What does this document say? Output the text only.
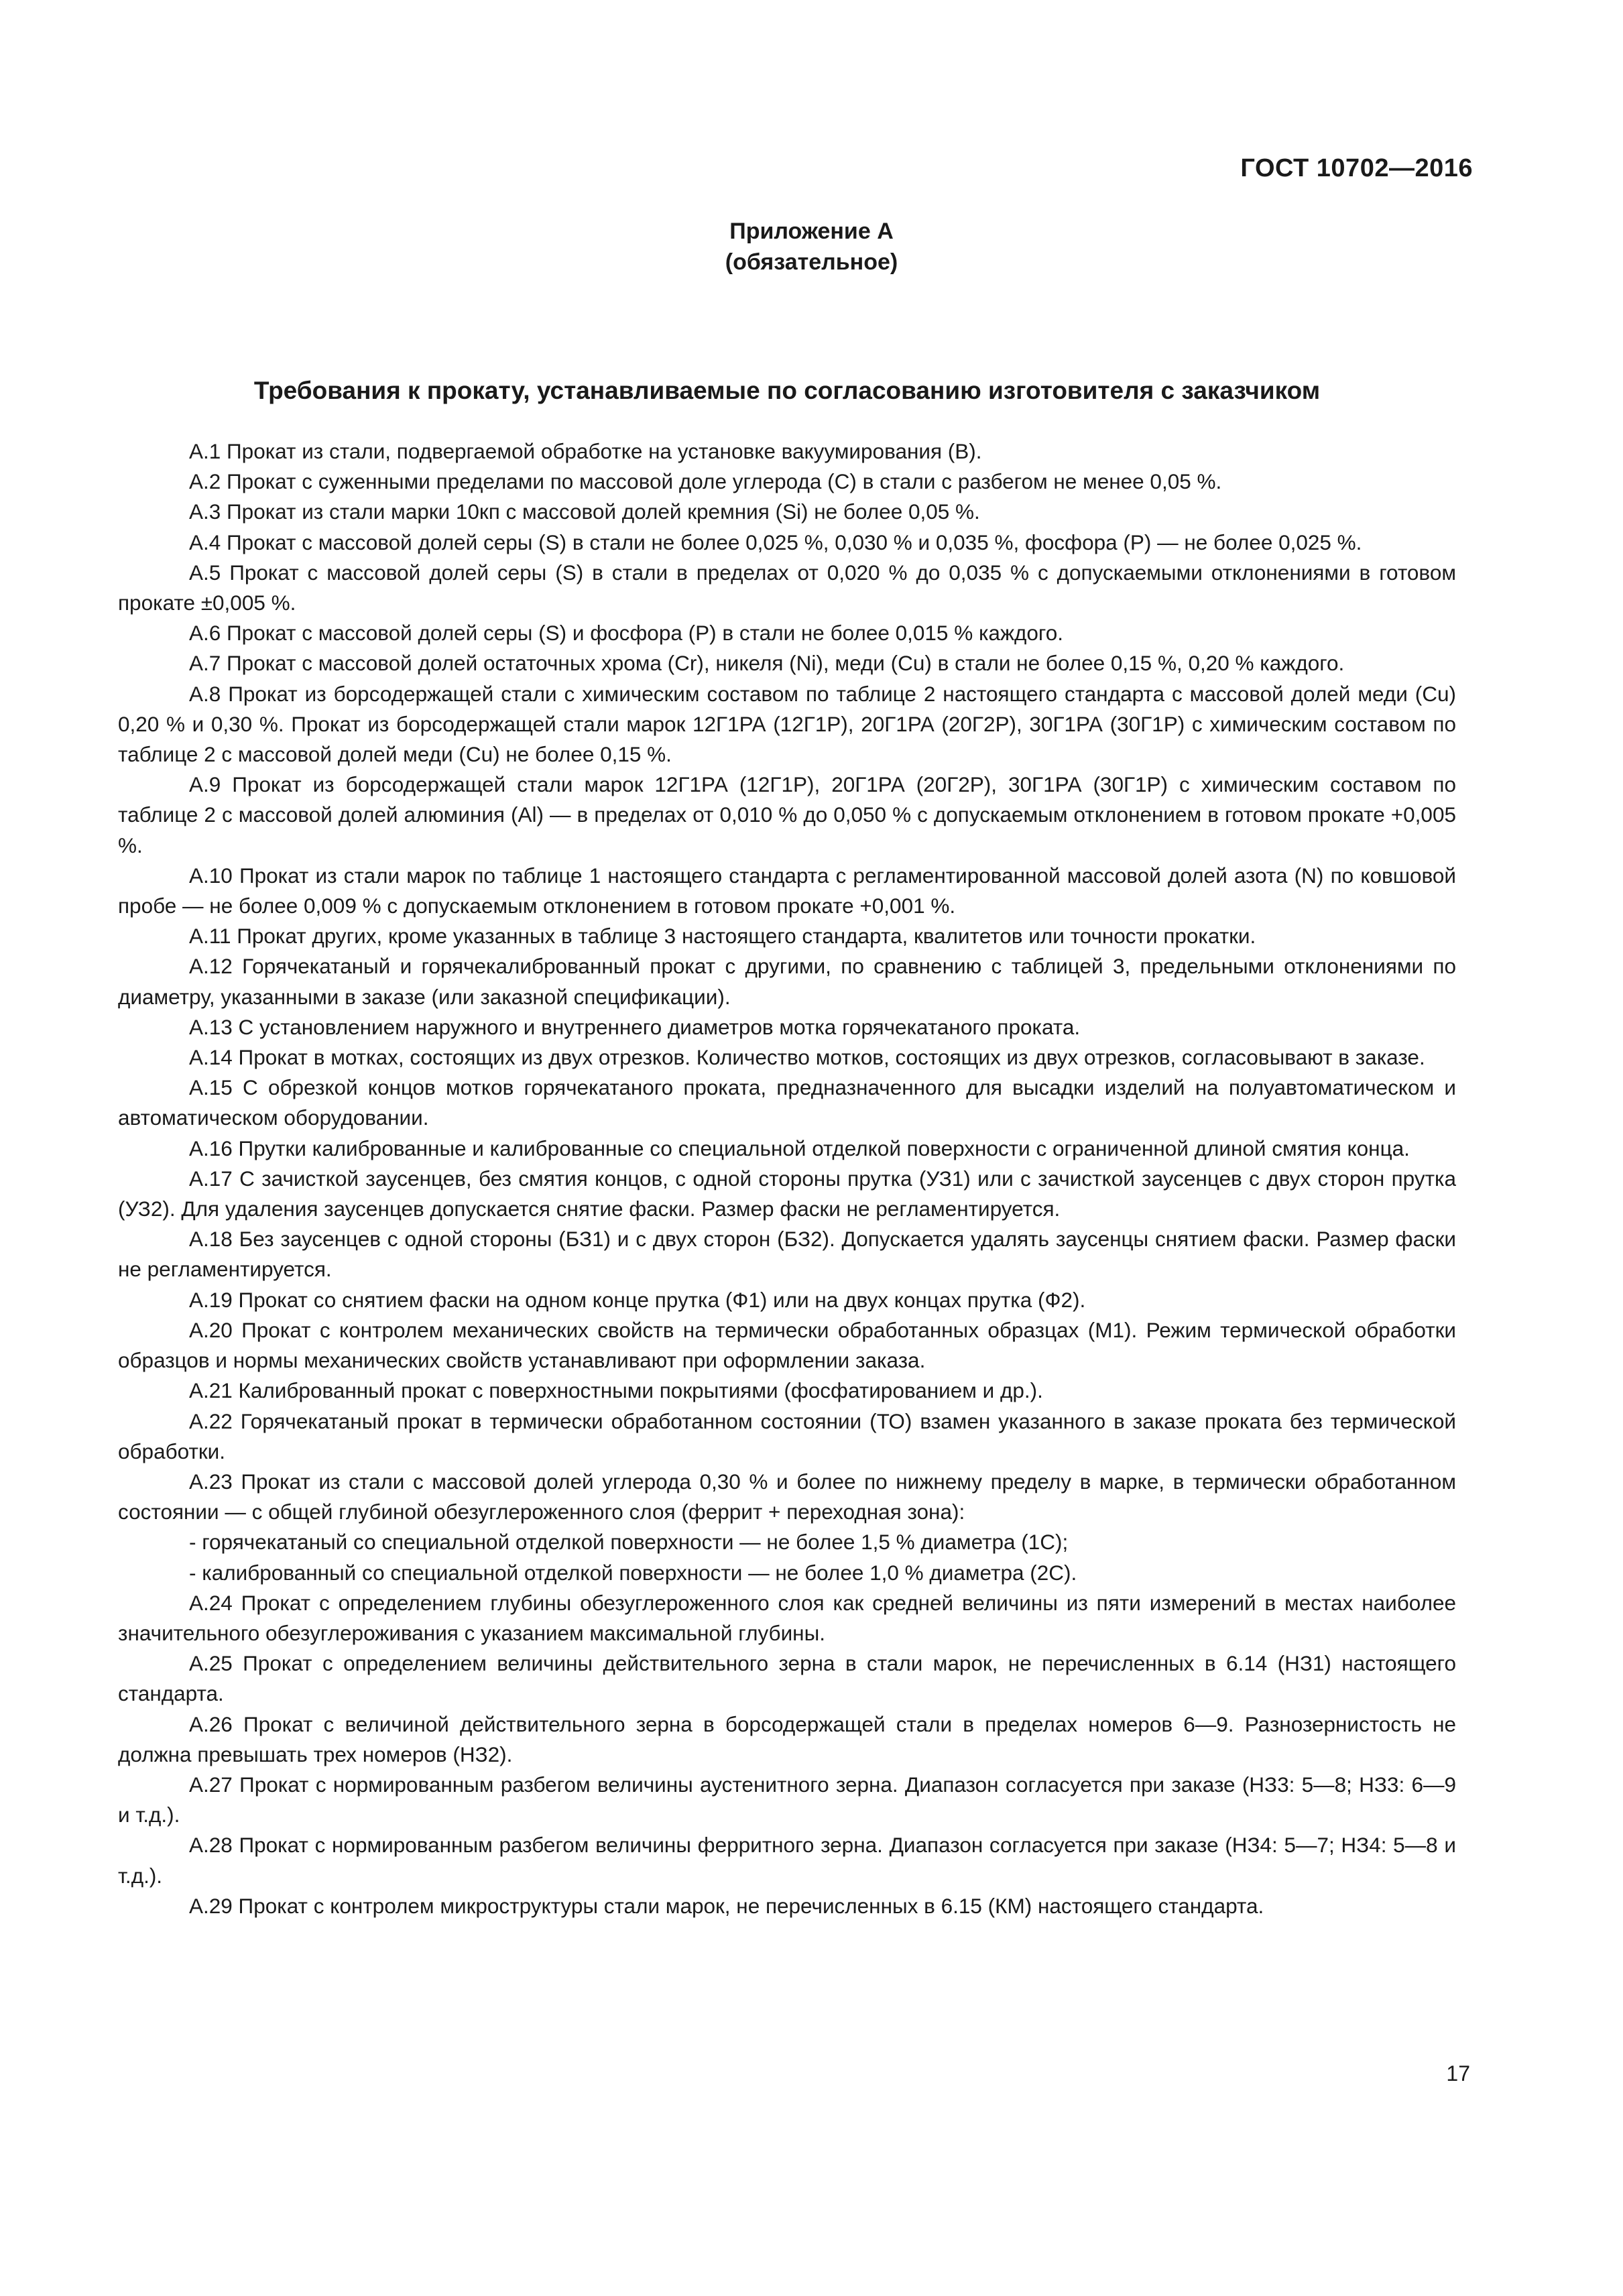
ГОСТ 10702—2016
Приложение А
(обязательное)
Требования к прокату, устанавливаемые по согласованию изготовителя с заказчиком

А.1 Прокат из стали, подвергаемой обработке на установке вакуумирования (В).

А.2 Прокат с суженными пределами по массовой доле углерода (С) в стали с разбегом не менее 0,05 %.

А.3 Прокат из стали марки 10кп с массовой долей кремния (Si) не более 0,05 %.

А.4 Прокат с массовой долей серы (S) в стали не более 0,025 %, 0,030 % и 0,035 %, фосфора (Р) — не более 0,025 %.

А.5 Прокат с массовой долей серы (S) в стали в пределах от 0,020 % до 0,035 % с допускаемыми отклонениями в готовом прокате ±0,005 %.

А.6 Прокат с массовой долей серы (S) и фосфора (Р) в стали не более 0,015 % каждого.

А.7 Прокат с массовой долей остаточных хрома (Cr), никеля (Ni), меди (Cu) в стали не более 0,15 %, 0,20 % каждого.

А.8 Прокат из борсодержащей стали с химическим составом по таблице 2 настоящего стандарта с массовой долей меди (Cu) 0,20 % и 0,30 %. Прокат из борсодержащей стали марок 12Г1РА (12Г1Р), 20Г1РА (20Г2Р), 30Г1РА (30Г1Р) с химическим составом по таблице 2 с массовой долей меди (Cu) не более 0,15 %.

А.9 Прокат из борсодержащей стали марок 12Г1РА (12Г1Р), 20Г1РА (20Г2Р), 30Г1РА (30Г1Р) с химическим составом по таблице 2 с массовой долей алюминия (Al) — в пределах от 0,010 % до 0,050 % с допускаемым отклонением в готовом прокате +0,005 %.

А.10 Прокат из стали марок по таблице 1 настоящего стандарта с регламентированной массовой долей азота (N) по ковшовой пробе — не более 0,009 % с допускаемым отклонением в готовом прокате +0,001 %.

А.11 Прокат других, кроме указанных в таблице 3 настоящего стандарта, квалитетов или точности прокатки.

А.12 Горячекатаный и горячекалиброванный прокат с другими, по сравнению с таблицей 3, предельными отклонениями по диаметру, указанными в заказе (или заказной спецификации).

А.13 С установлением наружного и внутреннего диаметров мотка горячекатаного проката.

А.14 Прокат в мотках, состоящих из двух отрезков. Количество мотков, состоящих из двух отрезков, согласовывают в заказе.

А.15 С обрезкой концов мотков горячекатаного проката, предназначенного для высадки изделий на полуавтоматическом и автоматическом оборудовании.

А.16 Прутки калиброванные и калиброванные со специальной отделкой поверхности с ограниченной длиной смятия конца.

А.17 С зачисткой заусенцев, без смятия концов, с одной стороны прутка (УЗ1) или с зачисткой заусенцев с двух сторон прутка (УЗ2). Для удаления заусенцев допускается снятие фаски. Размер фаски не регламентируется.

А.18 Без заусенцев с одной стороны (БЗ1) и с двух сторон (БЗ2). Допускается удалять заусенцы снятием фаски. Размер фаски не регламентируется.

А.19 Прокат со снятием фаски на одном конце прутка (Ф1) или на двух концах прутка (Ф2).

А.20 Прокат с контролем механических свойств на термически обработанных образцах (М1). Режим термической обработки образцов и нормы механических свойств устанавливают при оформлении заказа.

А.21 Калиброванный прокат с поверхностными покрытиями (фосфатированием и др.).

А.22 Горячекатаный прокат в термически обработанном состоянии (ТО) взамен указанного в заказе проката без термической обработки.

А.23 Прокат из стали с массовой долей углерода 0,30 % и более по нижнему пределу в марке, в термически обработанном состоянии — с общей глубиной обезуглероженного слоя (феррит + переходная зона):

- горячекатаный со специальной отделкой поверхности — не более 1,5 % диаметра (1С);

- калиброванный со специальной отделкой поверхности — не более 1,0 % диаметра (2С).

А.24 Прокат с определением глубины обезуглероженного слоя как средней величины из пяти измерений в местах наиболее значительного обезуглероживания с указанием максимальной глубины.

А.25 Прокат с определением величины действительного зерна в стали марок, не перечисленных в 6.14 (НЗ1) настоящего стандарта.

А.26 Прокат с величиной действительного зерна в борсодержащей стали в пределах номеров 6—9. Разнозернистость не должна превышать трех номеров (НЗ2).

А.27 Прокат с нормированным разбегом величины аустенитного зерна. Диапазон согласуется при заказе (НЗ3: 5—8; НЗ3: 6—9 и т.д.).

А.28 Прокат с нормированным разбегом величины ферритного зерна. Диапазон согласуется при заказе (НЗ4: 5—7; НЗ4: 5—8 и т.д.).

А.29 Прокат с контролем микроструктуры стали марок, не перечисленных в 6.15 (КМ) настоящего стандарта.

17
